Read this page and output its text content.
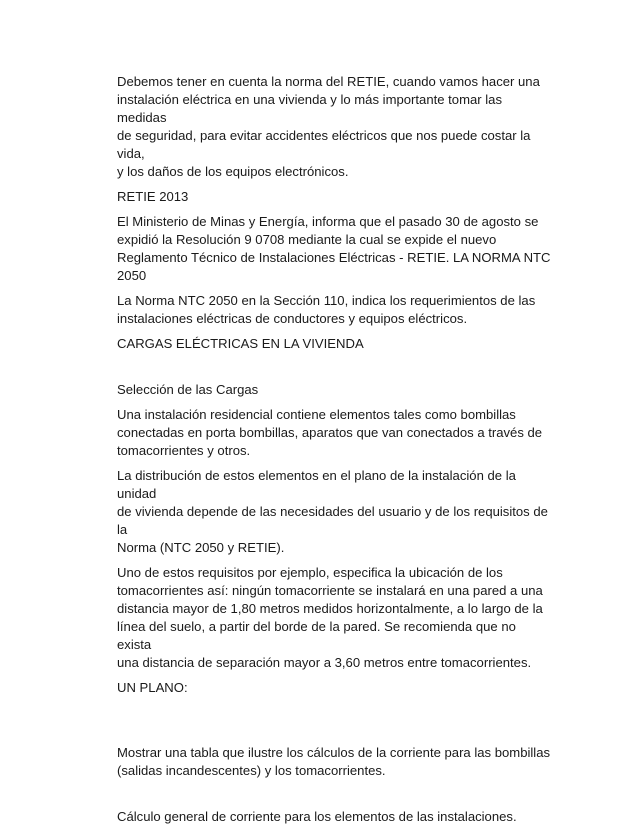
Debemos tener en cuenta la norma del RETIE, cuando vamos hacer una
instalación eléctrica en una vivienda y lo más importante tomar las medidas
de seguridad, para evitar accidentes eléctricos que nos puede costar la vida,
y los daños de los equipos electrónicos.

RETIE 2013

El Ministerio de Minas y Energía, informa que el pasado 30 de agosto se
expidió la Resolución 9 0708 mediante la cual se expide el nuevo
Reglamento Técnico de Instalaciones Eléctricas - RETIE. LA NORMA NTC
2050

La Norma NTC 2050 en la Sección 110, indica los requerimientos de las
instalaciones eléctricas de conductores y equipos eléctricos.

CARGAS ELÉCTRICAS EN LA VIVIENDA

Selección de las Cargas

Una instalación residencial contiene elementos tales como bombillas
conectadas en porta bombillas, aparatos que van conectados a través de
tomacorrientes y otros.

La distribución de estos elementos en el plano de la instalación de la unidad
de vivienda depende de las necesidades del usuario y de los requisitos de la
Norma (NTC 2050 y RETIE).

Uno de estos requisitos por ejemplo, especifica la ubicación de los
tomacorrientes así: ningún tomacorriente se instalará en una pared a una
distancia mayor de 1,80 metros medidos horizontalmente, a lo largo de la
línea del suelo, a partir del borde de la pared. Se recomienda que no exista
una distancia de separación mayor a 3,60 metros entre tomacorrientes.

UN PLANO:

Mostrar una tabla que ilustre los cálculos de la corriente para las bombillas
(salidas incandescentes) y los tomacorrientes.

Cálculo general de corriente para los elementos de las instalaciones.
